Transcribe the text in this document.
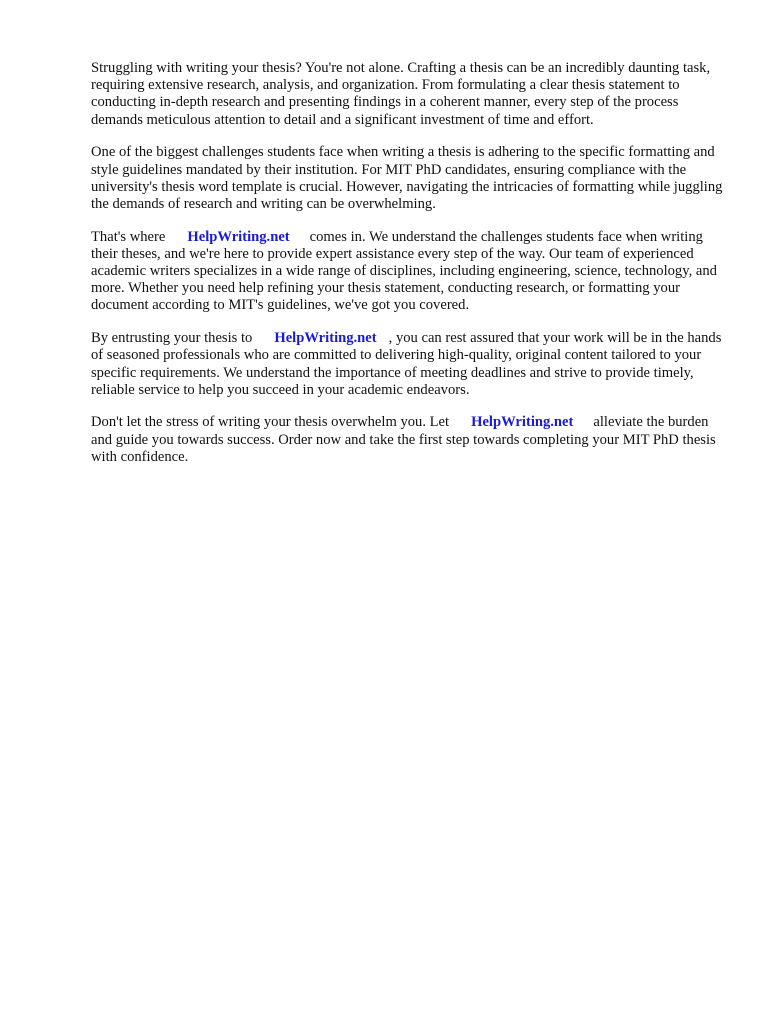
Struggling with writing your thesis? You're not alone. Crafting a thesis can be an incredibly daunting task, requiring extensive research, analysis, and organization. From formulating a clear thesis statement to conducting in-depth research and presenting findings in a coherent manner, every step of the process demands meticulous attention to detail and a significant investment of time and effort.

One of the biggest challenges students face when writing a thesis is adhering to the specific formatting and style guidelines mandated by their institution. For MIT PhD candidates, ensuring compliance with the university's thesis word template is crucial. However, navigating the intricacies of formatting while juggling the demands of research and writing can be overwhelming.

That's where HelpWriting.net comes in. We understand the challenges students face when writing their theses, and we're here to provide expert assistance every step of the way. Our team of experienced academic writers specializes in a wide range of disciplines, including engineering, science, technology, and more. Whether you need help refining your thesis statement, conducting research, or formatting your document according to MIT's guidelines, we've got you covered.

By entrusting your thesis to HelpWriting.net , you can rest assured that your work will be in the hands of seasoned professionals who are committed to delivering high-quality, original content tailored to your specific requirements. We understand the importance of meeting deadlines and strive to provide timely, reliable service to help you succeed in your academic endeavors.

Don't let the stress of writing your thesis overwhelm you. Let HelpWriting.net alleviate the burden and guide you towards success. Order now and take the first step towards completing your MIT PhD thesis with confidence.
